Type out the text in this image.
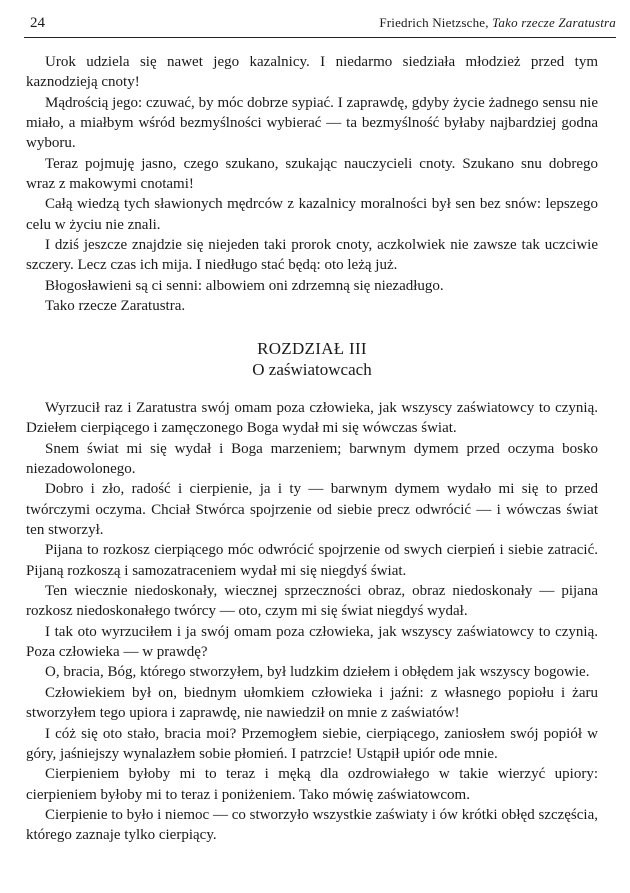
24	Friedrich Nietzsche, Tako rzecze Zaratustra

Urok udziela się nawet jego kazalnicy. I niedarmo siedziała młodzież przed tym kaznodzieją cnoty!

Mądrością jego: czuwać, by móc dobrze sypiać. I zaprawdę, gdyby życie żadnego sensu nie miało, a miałbym wśród bezmyślności wybierać — ta bezmyślność byłaby najbardziej godna wyboru.

Teraz pojmuję jasno, czego szukano, szukając nauczycieli cnoty. Szukano snu dobrego wraz z makowymi cnotami!

Całą wiedzą tych sławionych mędrców z kazalnicy moralności był sen bez snów: lepszego celu w życiu nie znali.

I dziś jeszcze znajdzie się niejeden taki prorok cnoty, aczkolwiek nie zawsze tak uczciwie szczery. Lecz czas ich mija. I niedługo stać będą: oto leżą już.

Błogosławieni są ci senni: albowiem oni zdrzemną się niezadługo.

Tako rzecze Zaratustra.

ROZDZIAŁ III
O zaświatowcach

Wyrzucił raz i Zaratustra swój omam poza człowieka, jak wszyscy zaświatowcy to czynią. Dziełem cierpiącego i zamęczonego Boga wydał mi się wówczas świat.

Snem świat mi się wydał i Boga marzeniem; barwnym dymem przed oczyma bosko niezadowolonego.

Dobro i zło, radość i cierpienie, ja i ty — barwnym dymem wydało mi się to przed twórczymi oczyma. Chciał Stwórca spojrzenie od siebie precz odwrócić — i wówczas świat ten stworzył.

Pijana to rozkosz cierpiącego móc odwrócić spojrzenie od swych cierpień i siebie zatracić. Pijaną rozkoszą i samozatraceniem wydał mi się niegdyś świat.

Ten wiecznie niedoskonały, wiecznej sprzeczności obraz, obraz niedoskonały — pijana rozkosz niedoskonałego twórcy — oto, czym mi się świat niegdyś wydał.

I tak oto wyrzuciłem i ja swój omam poza człowieka, jak wszyscy zaświatowcy to czynią. Poza człowieka — w prawdę?

O, bracia, Bóg, którego stworzyłem, był ludzkim dziełem i obłędem jak wszyscy bogowie.

Człowiekiem był on, biednym ułomkiem człowieka i jaźni: z własnego popiołu i żaru stworzyłem tego upiora i zaprawdę, nie nawiedził on mnie z zaświatów!

I cóż się oto stało, bracia moi? Przemogłem siebie, cierpiącego, zaniosłem swój popiół w góry, jaśniejszy wynalazłem sobie płomień. I patrzcie! Ustąpił upiór ode mnie.

Cierpieniem byłoby mi to teraz i męką dla ozdrowiałego w takie wierzyć upiory: cierpieniem byłoby mi to teraz i poniżeniem. Tako mówię zaświatowcom.

Cierpienie to było i niemoc — co stworzyło wszystkie zaświaty i ów krótki obłęd szczęścia, którego zaznaje tylko cierpiący.
